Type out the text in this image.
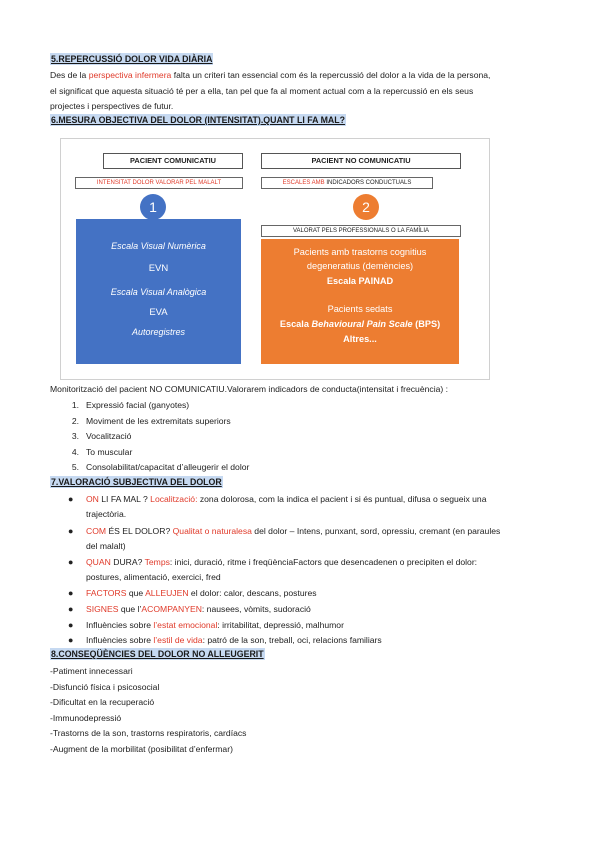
5.REPERCUSSIÓ DOLOR VIDA DIÀRIA
Des de la perspectiva infermera falta un criteri tan essencial com és la repercussió del dolor a la vida de la persona,
el significat que aquesta situació té per a ella, tan pel que fa al moment actual com a la repercussió en els seus
projectes i perspectives de futur.
6.MESURA OBJECTIVA DEL DOLOR (INTENSITAT).QUANT LI FA MAL?
PACIENT COMUNICATIU
INTENSITAT DOLOR VALORAR PEL MALALT
1
PACIENT NO COMUNICATIU
ESCALES AMB INDICADORS CONDUCTUALS
2
VALORAT PELS PROFESSIONALS O LA FAMÍLIA
Escala Visual Numèrica
EVN
Escala Visual Analògica
EVA
Autoregistres
Pacients amb trastorns cognitius
degeneratius (demències)
Escala PAINAD
Pacients sedats
Escala Behavioural Pain Scale (BPS)
Altres...
Monitorització del pacient NO COMUNICATIU.Valorarem indicadors de conducta(intensitat i frecuència) :
1. Expressió facial (ganyotes)
2. Moviment de les extremitats superiors
3. Vocalització
4. To muscular
5. Consolabilitat/capacitat d’alleugerir el dolor
7.VALORACIÓ SUBJECTIVA DEL DOLOR
● ON LI FA MAL ? Localització: zona dolorosa, com la indica el pacient i si és puntual, difusa o segueix una
trajectòria.
● COM ÉS EL DOLOR? Qualitat o naturalesa del dolor – Intens, punxant, sord, opressiu, cremant (en paraules
del malalt)
● QUAN DURA? Temps: inici, duració, ritme i freqüènciaFactors que desencadenen o precipiten el dolor:
postures, alimentació, exercici, fred
● FACTORS que ALLEUJEN el dolor: calor, descans, postures
● SIGNES que l’ACOMPANYEN: nausees, vòmits, sudoració
● Influències sobre l’estat emocional: irritabilitat, depressió, malhumor
● Influències sobre l’estil de vida: patró de la son, treball, oci, relacions familiars
8.CONSEQÜÈNCIES DEL DOLOR NO ALLEUGERIT
-Patiment innecessari
-Disfunció física i psicosocial
-Dificultat en la recuperació
-Immunodepressió
-Trastorns de la son, trastorns respiratoris, cardíacs
-Augment de la morbilitat (posibilitat d’enfermar)
